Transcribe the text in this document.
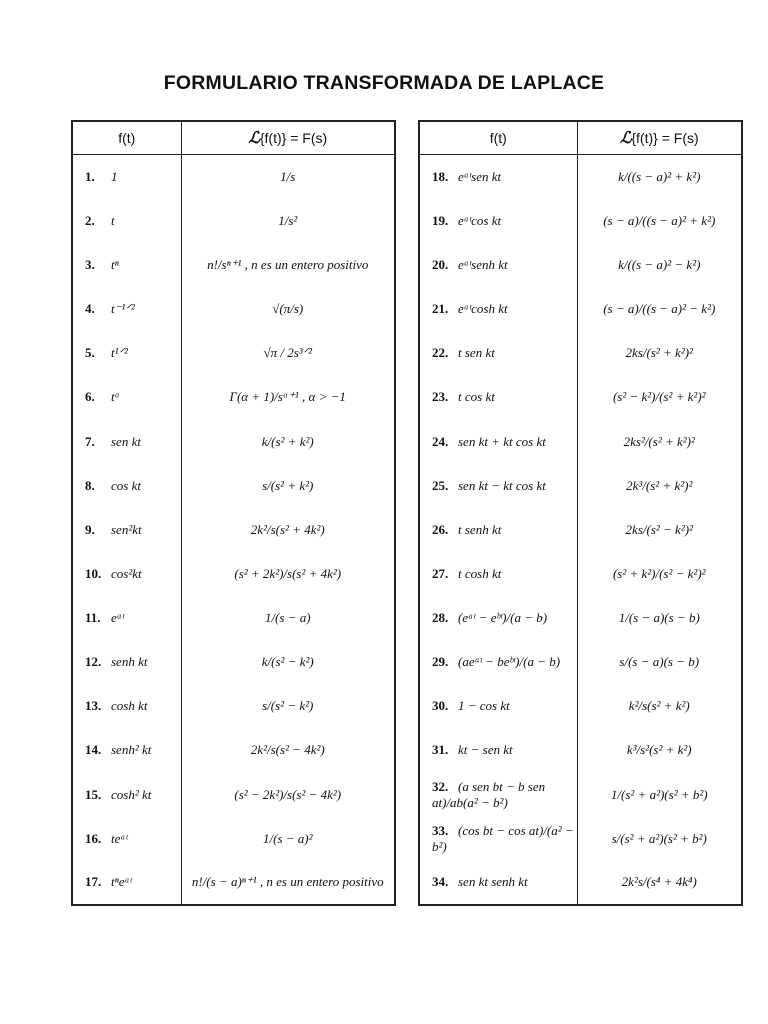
FORMULARIO TRANSFORMADA DE LAPLACE
f(t)	ℒ{f(t)} = F(s)
1. 1	1/s
2. t	1/s²
3. tⁿ	n!/sⁿ⁺¹ , n es un entero positivo
4. t⁻¹ᐟ²	√(π/s)
5. t¹ᐟ²	√π / 2s³ᐟ²
6. tᵅ	Γ(α + 1)/sᵅ⁺¹ , α > −1
7. sen kt	k/(s² + k²)
8. cos kt	s/(s² + k²)
9. sen²kt	2k²/s(s² + 4k²)
10. cos²kt	(s² + 2k²)/s(s² + 4k²)
11. eᵃᵗ	1/(s − a)
12. senh kt	k/(s² − k²)
13. cosh kt	s/(s² − k²)
14. senh² kt	2k²/s(s² − 4k²)
15. cosh² kt	(s² − 2k²)/s(s² − 4k²)
16. teᵃᵗ	1/(s − a)²
17. tⁿeᵃᵗ	n!/(s − a)ⁿ⁺¹ , n es un entero positivo
f(t)	ℒ{f(t)} = F(s)
18. eᵃᵗsen kt	k/((s − a)² + k²)
19. eᵃᵗcos kt	(s − a)/((s − a)² + k²)
20. eᵃᵗsenh kt	k/((s − a)² − k²)
21. eᵃᵗcosh kt	(s − a)/((s − a)² − k²)
22. t sen kt	2ks/(s² + k²)²
23. t cos kt	(s² − k²)/(s² + k²)²
24. sen kt + kt cos kt	2ks²/(s² + k²)²
25. sen kt − kt cos kt	2k³/(s² + k²)²
26. t senh kt	2ks/(s² − k²)²
27. t cosh kt	(s² + k²)/(s² − k²)²
28. (eᵃᵗ − eᵇᵗ)/(a − b)	1/(s − a)(s − b)
29. (aeᵃᵗ − beᵇᵗ)/(a − b)	s/(s − a)(s − b)
30. 1 − cos kt	k²/s(s² + k²)
31. kt − sen kt	k³/s²(s² + k²)
32. (a sen bt − b sen at)/ab(a² − b²)	1/(s² + a²)(s² + b²)
33. (cos bt − cos at)/(a² − b²)	s/(s² + a²)(s² + b²)
34. sen kt senh kt	2k²s/(s⁴ + 4k⁴)
